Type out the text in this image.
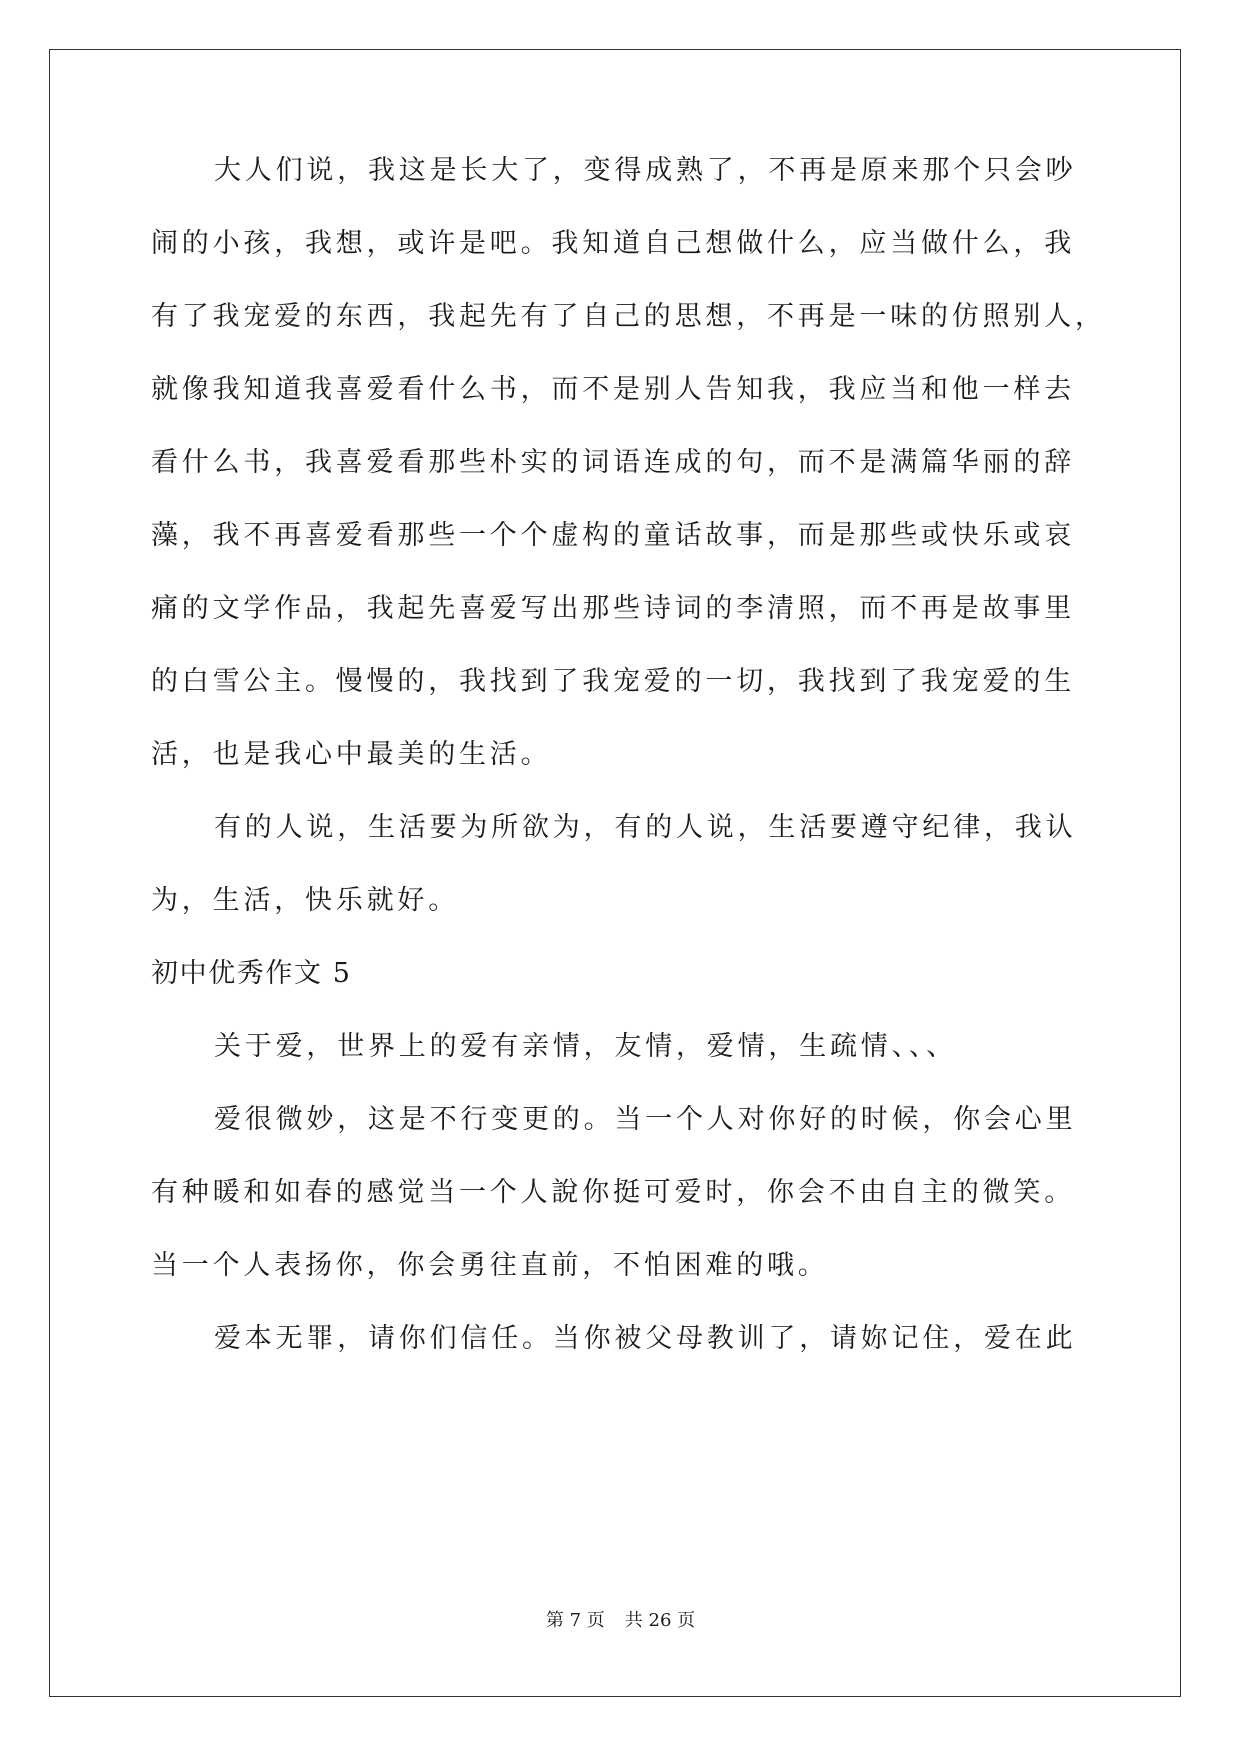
大人们说，我这是长大了，变得成熟了，不再是原来那个只会吵
闹的小孩，我想，或许是吧。我知道自己想做什么，应当做什么，我
有了我宠爱的东西，我起先有了自己的思想，不再是一味的仿照别人，
就像我知道我喜爱看什么书，而不是别人告知我，我应当和他一样去
看什么书，我喜爱看那些朴实的词语连成的句，而不是满篇华丽的辞
藻，我不再喜爱看那些一个个虚构的童话故事，而是那些或快乐或哀
痛的文学作品，我起先喜爱写出那些诗词的李清照，而不再是故事里
的白雪公主。慢慢的，我找到了我宠爱的一切，我找到了我宠爱的生
活，也是我心中最美的生活。
有的人说，生活要为所欲为，有的人说，生活要遵守纪律，我认
为，生活，快乐就好。
初中优秀作文 5
关于爱，世界上的爱有亲情，友情，爱情，生疏情、、、
爱很微妙，这是不行变更的。当一个人对你好的时候，你会心里
有种暖和如春的感觉当一个人說你挺可爱时，你会不由自主的微笑。
当一个人表扬你，你会勇往直前，不怕困难的哦。
爱本无罪，请你们信任。当你被父母教训了，请妳记住，爱在此
第 7 页 共 26 页
